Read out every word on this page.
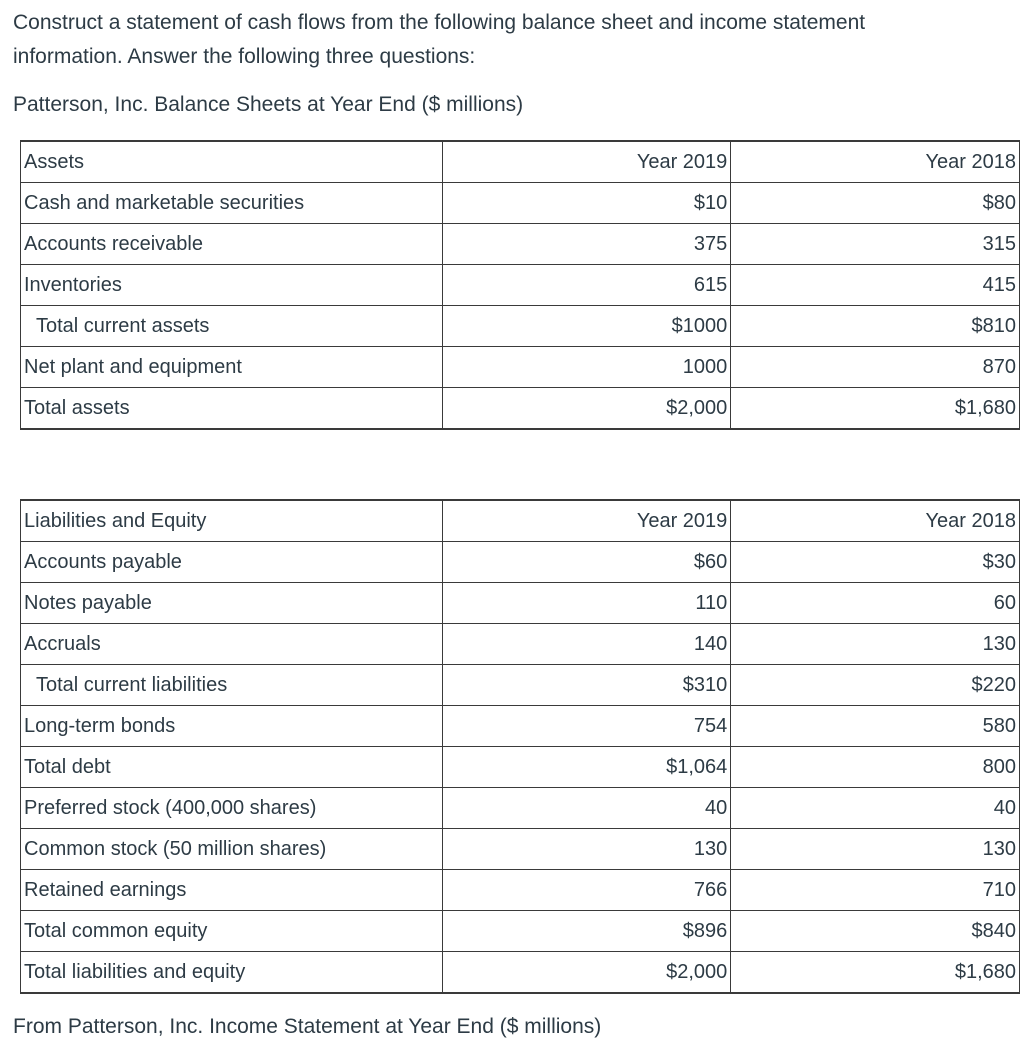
Construct a statement of cash flows from the following balance sheet and income statement information. Answer the following three questions:

Patterson, Inc. Balance Sheets at Year End ($ millions)

Assets	Year 2019	Year 2018
Cash and marketable securities	$10	$80
Accounts receivable	375	315
Inventories	615	415
Total current assets	$1000	$810
Net plant and equipment	1000	870
Total assets	$2,000	$1,680
Liabilities and Equity	Year 2019	Year 2018
Accounts payable	$60	$30
Notes payable	110	60
Accruals	140	130
Total current liabilities	$310	$220
Long-term bonds	754	580
Total debt	$1,064	800
Preferred stock (400,000 shares)	40	40
Common stock (50 million shares)	130	130
Retained earnings	766	710
Total common equity	$896	$840
Total liabilities and equity	$2,000	$1,680

From Patterson, Inc. Income Statement at Year End ($ millions)
